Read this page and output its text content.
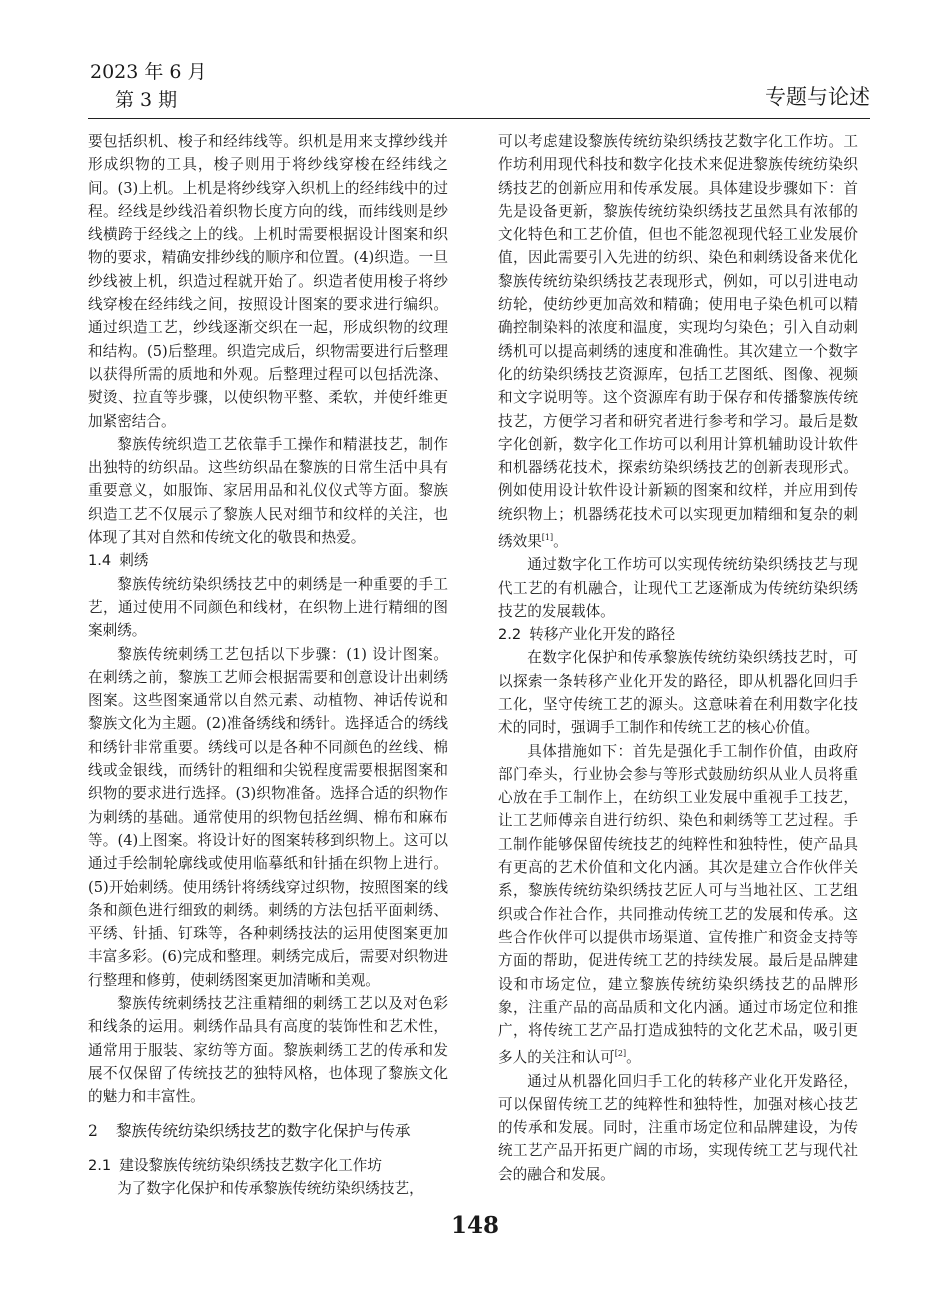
2023 年 6 月
第 3 期	专题与论述

要包括织机、梭子和经纬线等。织机是用来支撑纱线并形成织物的工具，梭子则用于将纱线穿梭在经纬线之间。(3)上机。上机是将纱线穿入织机上的经纬线中的过程。经线是纱线沿着织物长度方向的线，而纬线则是纱线横跨于经线之上的线。上机时需要根据设计图案和织物的要求，精确安排纱线的顺序和位置。(4)织造。一旦纱线被上机，织造过程就开始了。织造者使用梭子将纱线穿梭在经纬线之间，按照设计图案的要求进行编织。通过织造工艺，纱线逐渐交织在一起，形成织物的纹理和结构。(5)后整理。织造完成后，织物需要进行后整理以获得所需的质地和外观。后整理过程可以包括洗涤、熨烫、拉直等步骤，以使织物平整、柔软，并使纤维更加紧密结合。

黎族传统织造工艺依靠手工操作和精湛技艺，制作出独特的纺织品。这些纺织品在黎族的日常生活中具有重要意义，如服饰、家居用品和礼仪仪式等方面。黎族织造工艺不仅展示了黎族人民对细节和纹样的关注，也体现了其对自然和传统文化的敬畏和热爱。

1.4 刺绣

黎族传统纺染织绣技艺中的刺绣是一种重要的手工艺，通过使用不同颜色和线材，在织物上进行精细的图案刺绣。

黎族传统刺绣工艺包括以下步骤：(1) 设计图案。在刺绣之前，黎族工艺师会根据需要和创意设计出刺绣图案。这些图案通常以自然元素、动植物、神话传说和黎族文化为主题。(2)准备绣线和绣针。选择适合的绣线和绣针非常重要。绣线可以是各种不同颜色的丝线、棉线或金银线，而绣针的粗细和尖锐程度需要根据图案和织物的要求进行选择。(3)织物准备。选择合适的织物作为刺绣的基础。通常使用的织物包括丝绸、棉布和麻布等。(4)上图案。将设计好的图案转移到织物上。这可以通过手绘制轮廓线或使用临摹纸和针插在织物上进行。(5)开始刺绣。使用绣针将绣线穿过织物，按照图案的线条和颜色进行细致的刺绣。刺绣的方法包括平面刺绣、平绣、针插、钉珠等，各种刺绣技法的运用使图案更加丰富多彩。(6)完成和整理。刺绣完成后，需要对织物进行整理和修剪，使刺绣图案更加清晰和美观。

黎族传统刺绣技艺注重精细的刺绣工艺以及对色彩和线条的运用。刺绣作品具有高度的装饰性和艺术性，通常用于服装、家纺等方面。黎族刺绣工艺的传承和发展不仅保留了传统技艺的独特风格，也体现了黎族文化的魅力和丰富性。

2 黎族传统纺染织绣技艺的数字化保护与传承

2.1 建设黎族传统纺染织绣技艺数字化工作坊

为了数字化保护和传承黎族传统纺染织绣技艺，

可以考虑建设黎族传统纺染织绣技艺数字化工作坊。工作坊利用现代科技和数字化技术来促进黎族传统纺染织绣技艺的创新应用和传承发展。具体建设步骤如下：首先是设备更新，黎族传统纺染织绣技艺虽然具有浓郁的文化特色和工艺价值，但也不能忽视现代轻工业发展价值，因此需要引入先进的纺织、染色和刺绣设备来优化黎族传统纺染织绣技艺表现形式，例如，可以引进电动纺轮，使纺纱更加高效和精确；使用电子染色机可以精确控制染料的浓度和温度，实现均匀染色；引入自动刺绣机可以提高刺绣的速度和准确性。其次建立一个数字化的纺染织绣技艺资源库，包括工艺图纸、图像、视频和文字说明等。这个资源库有助于保存和传播黎族传统技艺，方便学习者和研究者进行参考和学习。最后是数字化创新，数字化工作坊可以利用计算机辅助设计软件和机器绣花技术，探索纺染织绣技艺的创新表现形式。例如使用设计软件设计新颖的图案和纹样，并应用到传统织物上；机器绣花技术可以实现更加精细和复杂的刺绣效果[1]。

通过数字化工作坊可以实现传统纺染织绣技艺与现代工艺的有机融合，让现代工艺逐渐成为传统纺染织绣技艺的发展载体。

2.2 转移产业化开发的路径

在数字化保护和传承黎族传统纺染织绣技艺时，可以探索一条转移产业化开发的路径，即从机器化回归手工化，坚守传统工艺的源头。这意味着在利用数字化技术的同时，强调手工制作和传统工艺的核心价值。

具体措施如下：首先是强化手工制作价值，由政府部门牵头，行业协会参与等形式鼓励纺织从业人员将重心放在手工制作上，在纺织工业发展中重视手工技艺，让工艺师傅亲自进行纺织、染色和刺绣等工艺过程。手工制作能够保留传统技艺的纯粹性和独特性，使产品具有更高的艺术价值和文化内涵。其次是建立合作伙伴关系，黎族传统纺染织绣技艺匠人可与当地社区、工艺组织或合作社合作，共同推动传统工艺的发展和传承。这些合作伙伴可以提供市场渠道、宣传推广和资金支持等方面的帮助，促进传统工艺的持续发展。最后是品牌建设和市场定位，建立黎族传统纺染织绣技艺的品牌形象，注重产品的高品质和文化内涵。通过市场定位和推广，将传统工艺产品打造成独特的文化艺术品，吸引更多人的关注和认可[2]。

通过从机器化回归手工化的转移产业化开发路径，可以保留传统工艺的纯粹性和独特性，加强对核心技艺的传承和发展。同时，注重市场定位和品牌建设，为传统工艺产品开拓更广阔的市场，实现传统工艺与现代社会的融合和发展。

148
